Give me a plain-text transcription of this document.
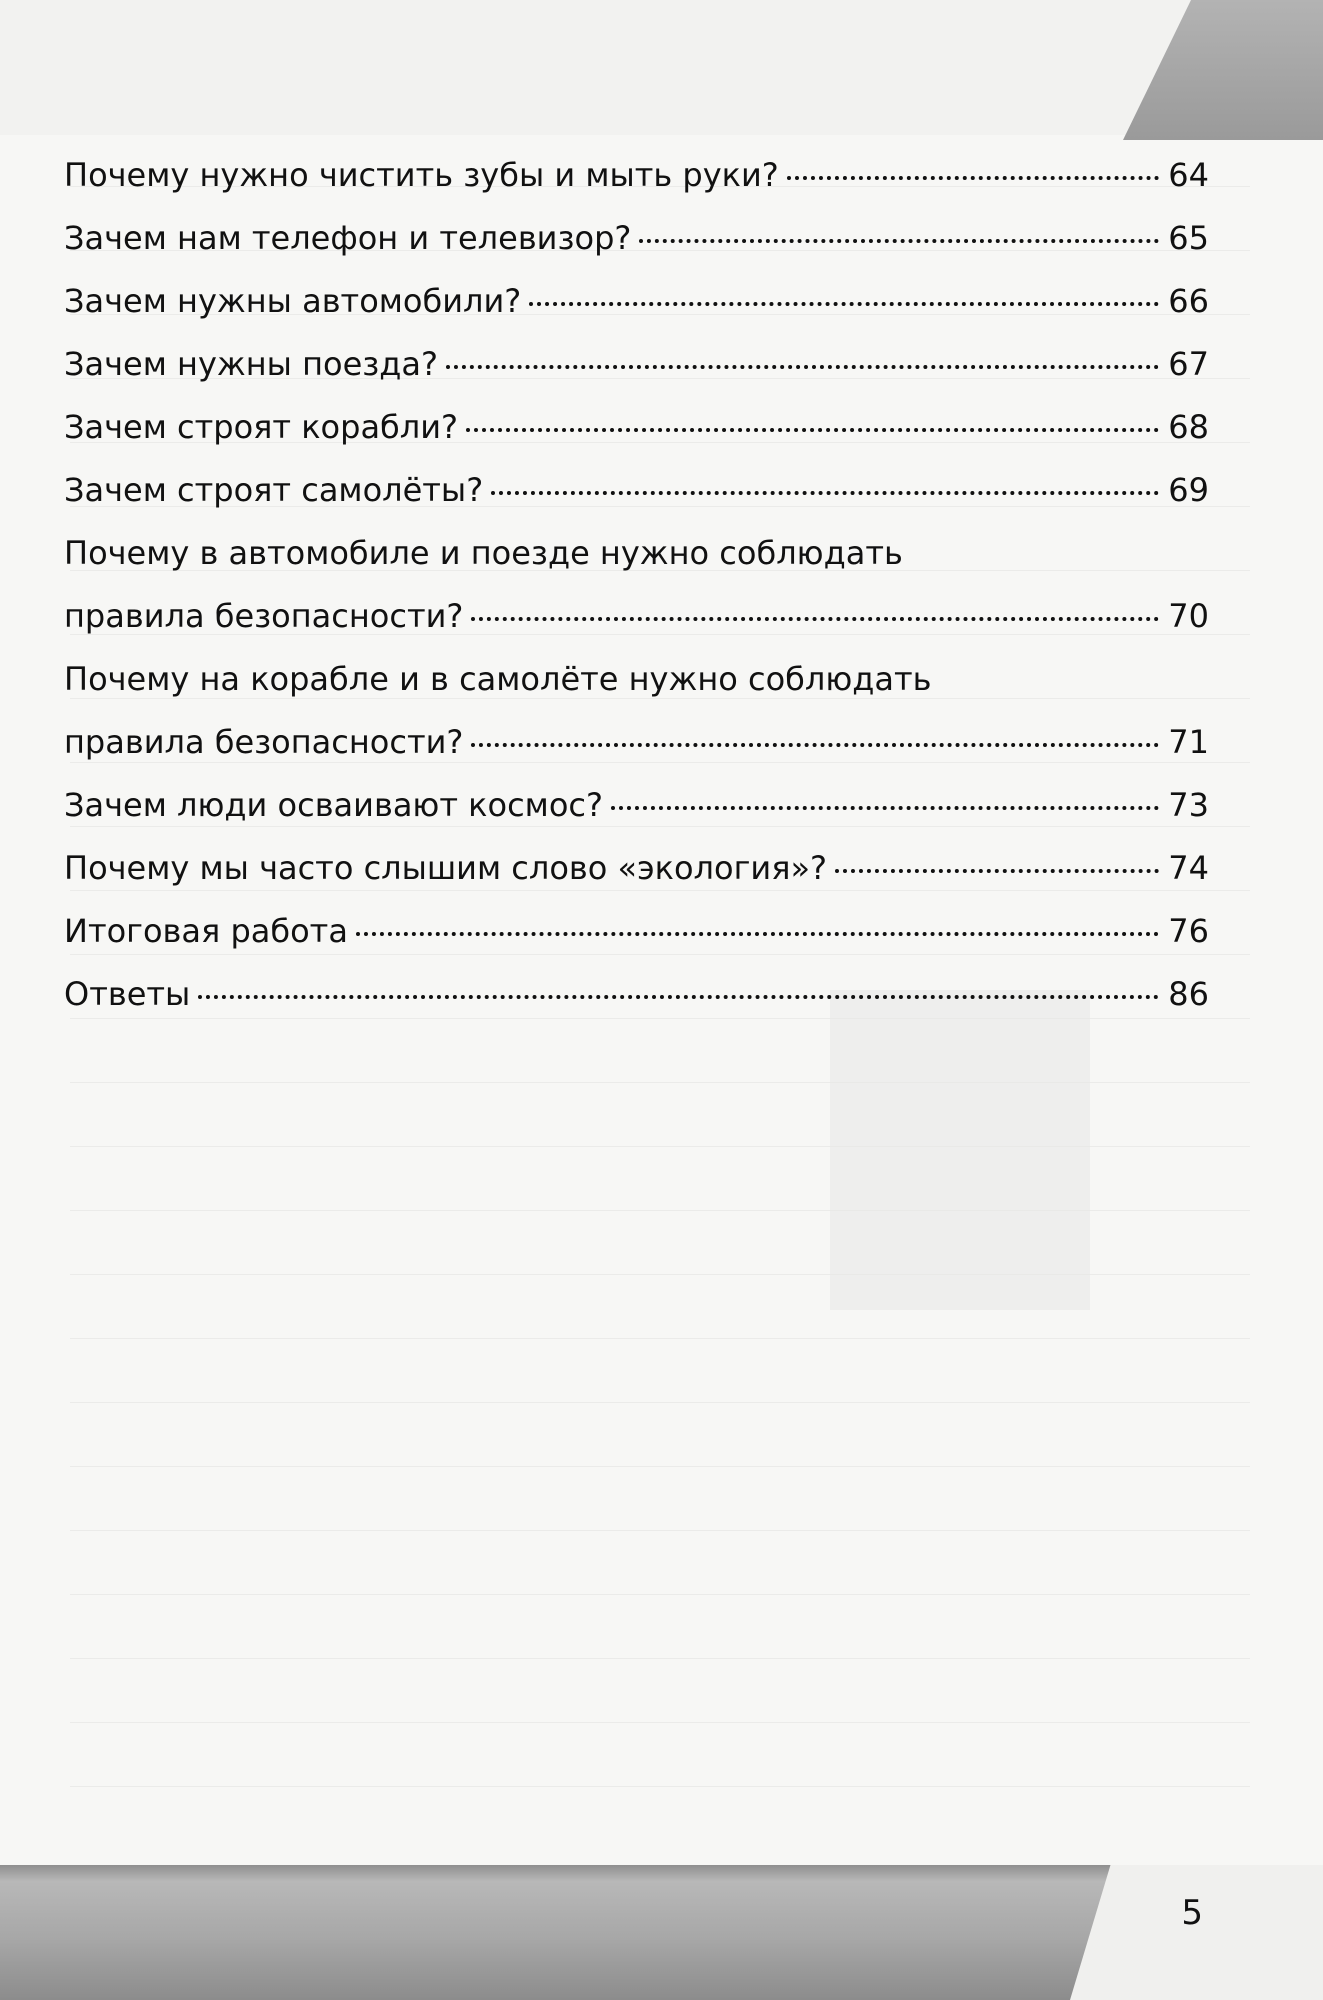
Почему нужно чистить зубы и мыть руки?	64
Зачем нам телефон и телевизор?	65
Зачем нужны автомобили?	66
Зачем нужны поезда?	67
Зачем строят корабли?	68
Зачем строят самолёты?	69
Почему в автомобиле и поезде нужно соблюдать
правила безопасности?	70
Почему на корабле и в самолёте нужно соблюдать
правила безопасности?	71
Зачем люди осваивают космос?	73
Почему мы часто слышим слово «экология»?	74
Итоговая работа	76
Ответы	86
5
